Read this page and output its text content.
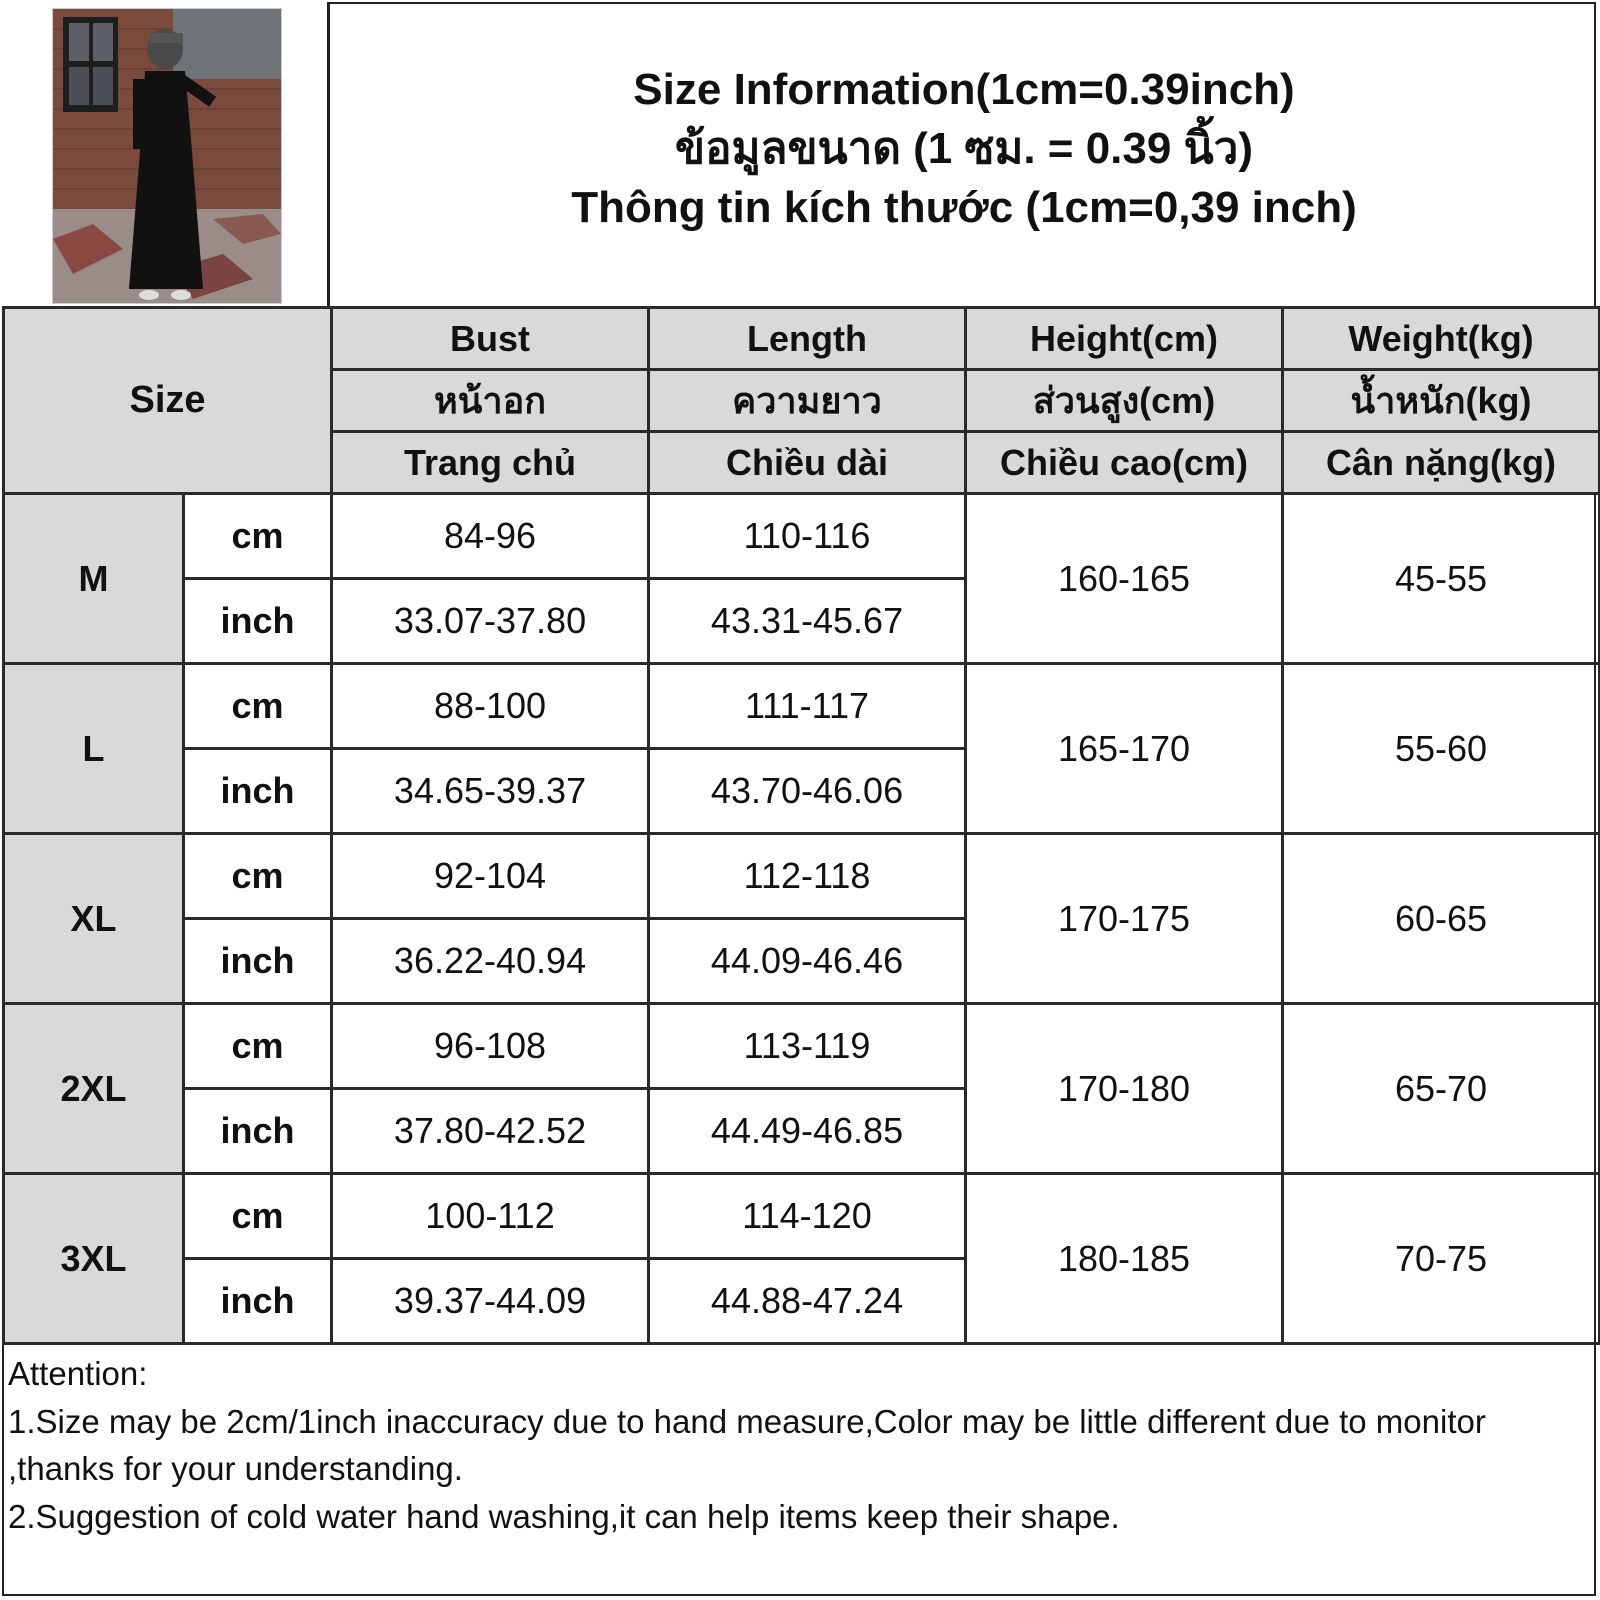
Size Information(1cm=0.39inch)
ข้อมูลขนาด (1 ซม. = 0.39 นิ้ว)
Thông tin kích thước (1cm=0,39 inch)
Size		Bust	Length	Height(cm)	Weight(kg)
		หน้าอก	ความยาว	ส่วนสูง(cm)	น้ำหนัก(kg)
		Trang chủ	Chiều dài	Chiều cao(cm)	Cân nặng(kg)
M	cm	84-96	110-116	160-165	45-55
	inch	33.07-37.80	43.31-45.67		
L	cm	88-100	111-117	165-170	55-60
	inch	34.65-39.37	43.70-46.06		
XL	cm	92-104	112-118	170-175	60-65
	inch	36.22-40.94	44.09-46.46		
2XL	cm	96-108	113-119	170-180	65-70
	inch	37.80-42.52	44.49-46.85		
3XL	cm	100-112	114-120	180-185	70-75
	inch	39.37-44.09	44.88-47.24		
Attention:
1.Size may be 2cm/1inch inaccuracy due to hand measure,Color may be little different due to monitor ,thanks for your understanding.
2.Suggestion of cold water hand washing,it can help items keep their shape.
